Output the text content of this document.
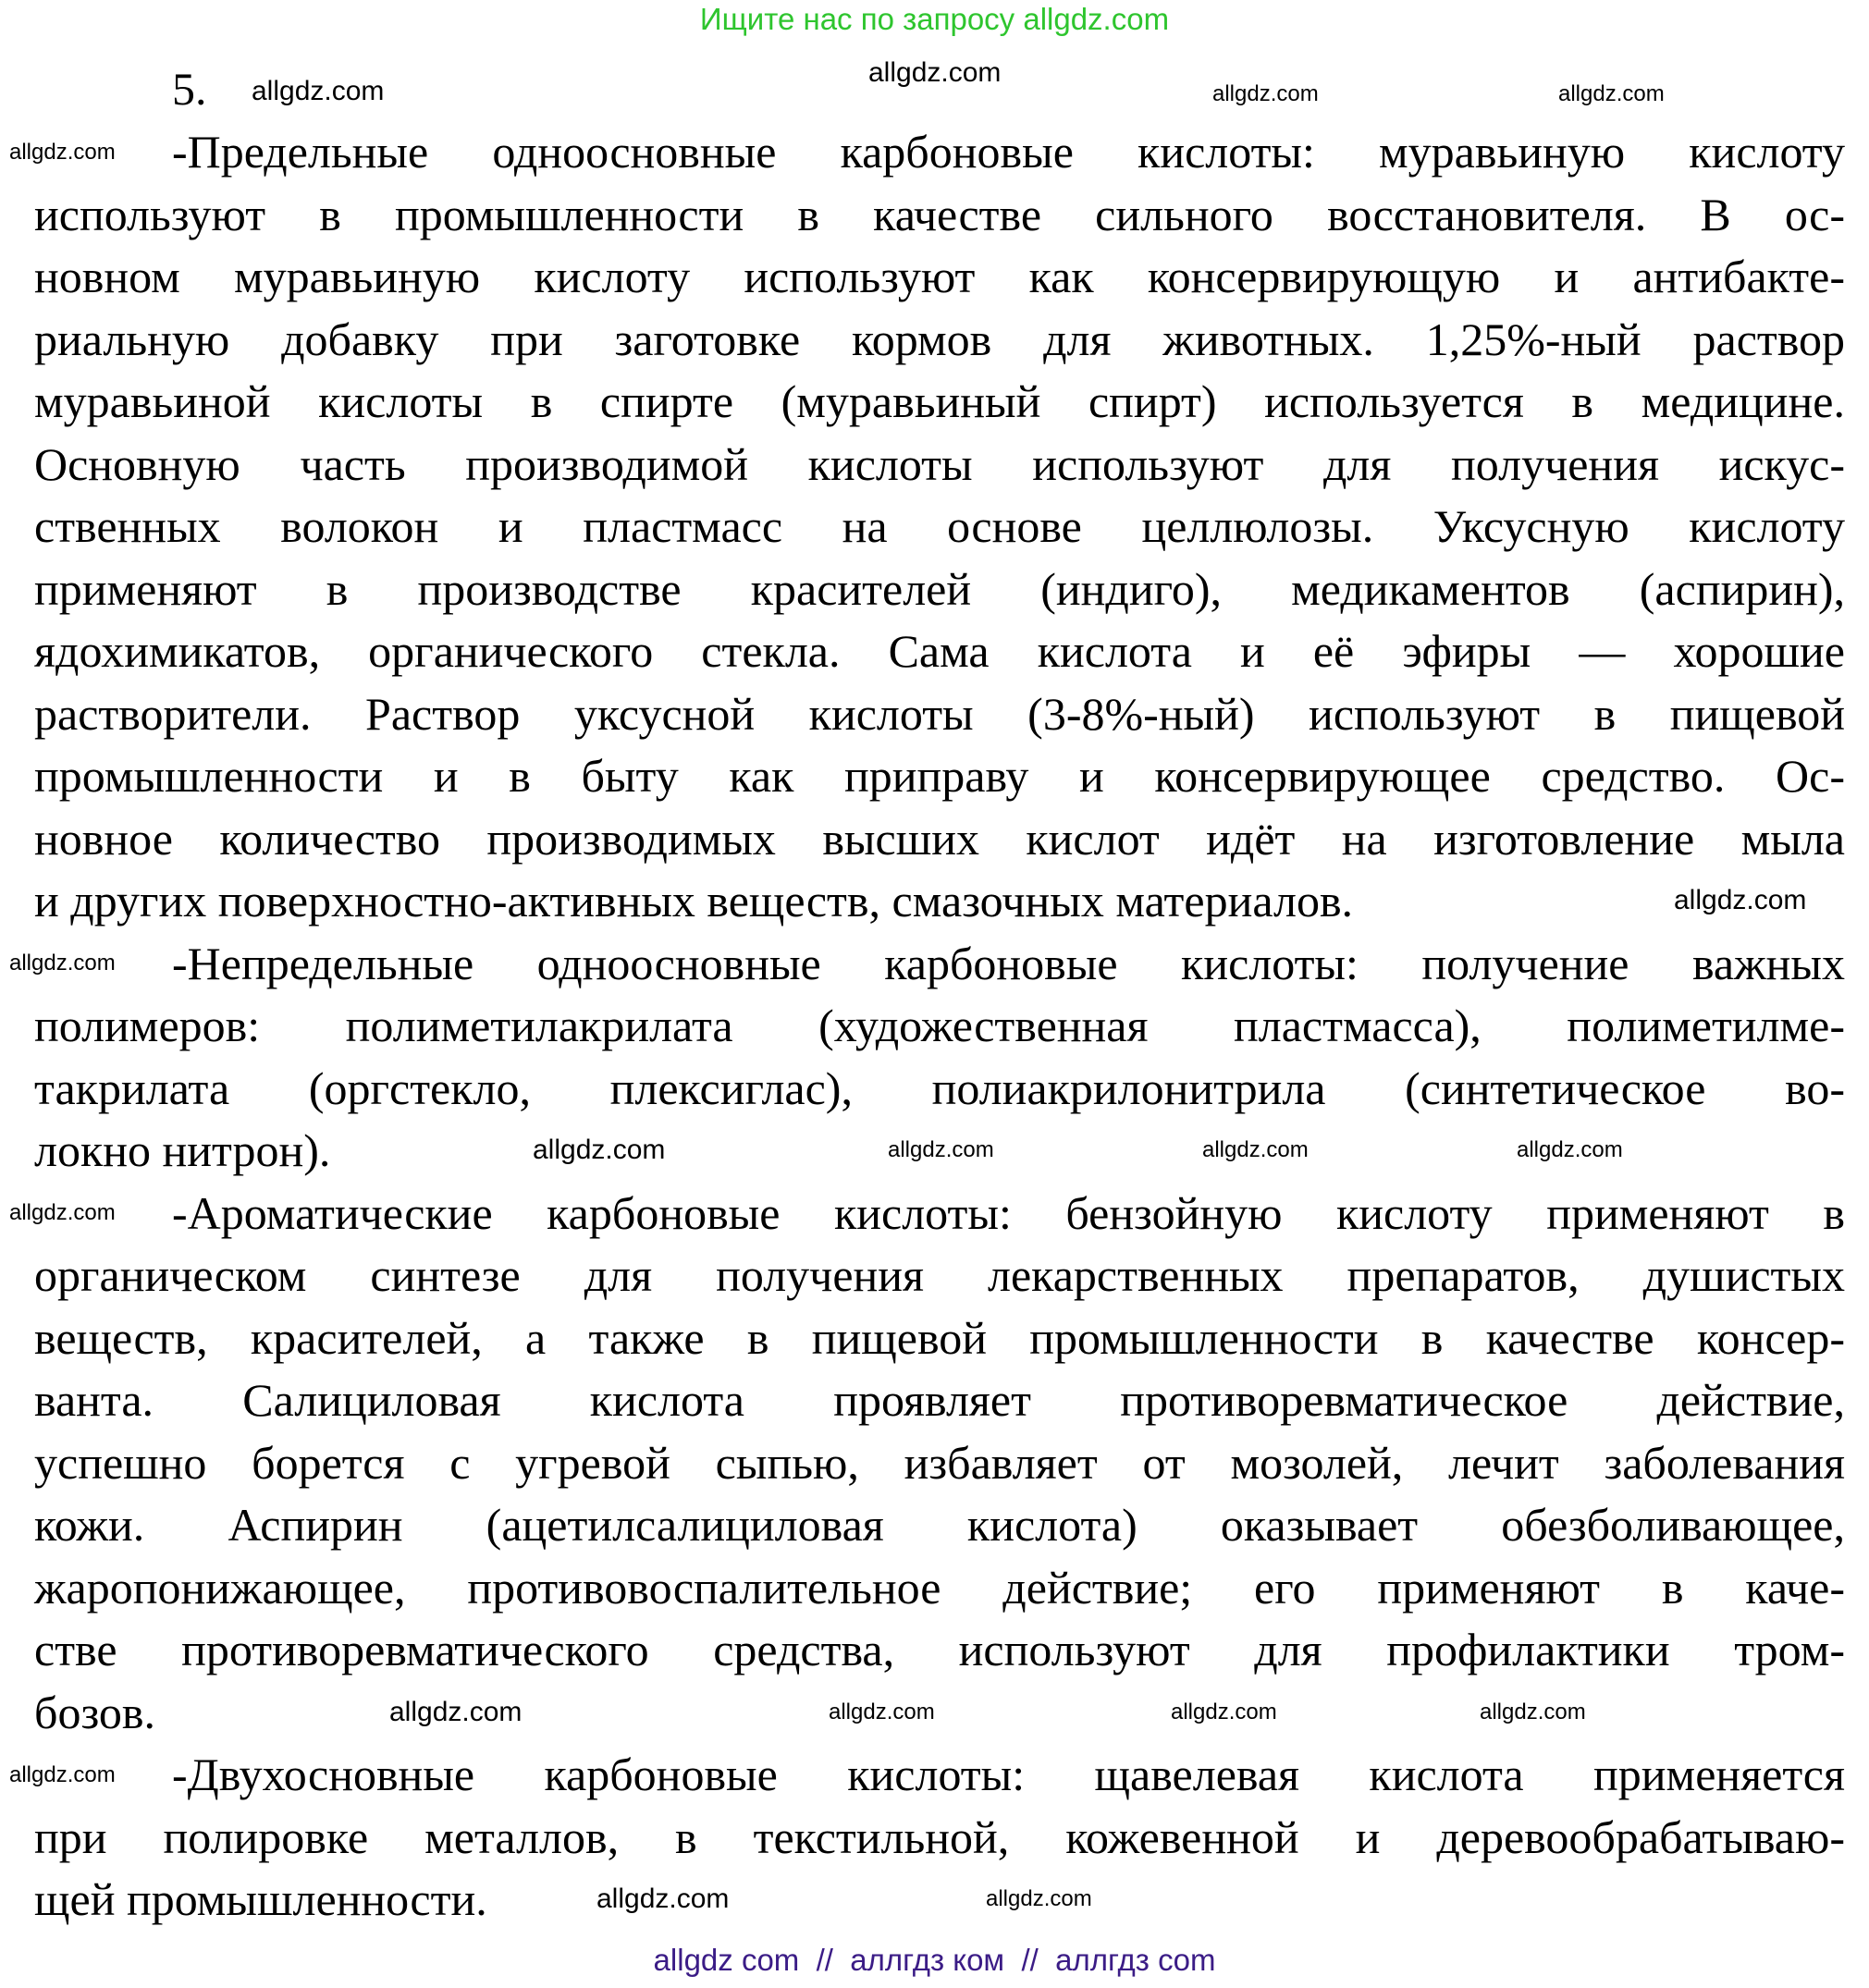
Ищите нас по запросу allgdz.com
5.
-Предельные одноосновные карбоновые кислоты: муравьиную кислоту
используют в промышленности в качестве сильного восстановителя. В ос-
новном муравьиную кислоту используют как консервирующую и антибакте-
риальную добавку при заготовке кормов для животных. 1,25%-ный раствор
муравьиной кислоты в спирте (муравьиный спирт) используется в медицине.
Основную часть производимой кислоты используют для получения искус-
ственных волокон и пластмасс на основе целлюлозы. Уксусную кислоту
применяют в производстве красителей (индиго), медикаментов (аспирин),
ядохимикатов, органического стекла. Сама кислота и её эфиры — хорошие
растворители. Раствор уксусной кислоты (3-8%-ный) используют в пищевой
промышленности и в быту как приправу и консервирующее средство. Ос-
новное количество производимых высших кислот идёт на изготовление мыла
и других поверхностно-активных веществ, смазочных материалов.
-Непредельные одноосновные карбоновые кислоты: получение важных
полимеров: полиметилакрилата (художественная пластмасса), полиметилме-
такрилата (оргстекло, плексиглас), полиакрилонитрила (синтетическое во-
локно нитрон).
-Ароматические карбоновые кислоты: бензойную кислоту применяют в
органическом синтезе для получения лекарственных препаратов, душистых
веществ, красителей, а также в пищевой промышленности в качестве консер-
ванта. Салициловая кислота проявляет противоревматическое действие,
успешно борется с угревой сыпью, избавляет от мозолей, лечит заболевания
кожи. Аспирин (ацетилсалициловая кислота) оказывает обезболивающее,
жаропонижающее, противовоспалительное действие; его применяют в каче-
стве противоревматического средства, используют для профилактики тром-
бозов.
-Двухосновные карбоновые кислоты: щавелевая кислота применяется
при полировке металлов, в текстильной, кожевенной и деревообрабатываю-
щей промышленности.
allgdz.com
allgdz.com	allgdz.com	allgdz.com
allgdz.com
allgdz.com
allgdz.com
allgdz.com
allgdz.com
allgdz.com	allgdz.com	allgdz.com	allgdz.com
allgdz.com	allgdz.com	allgdz.com	allgdz.com
allgdz.com	allgdz.com
allgdz com  //  аллгдз ком  //  аллгдз com
